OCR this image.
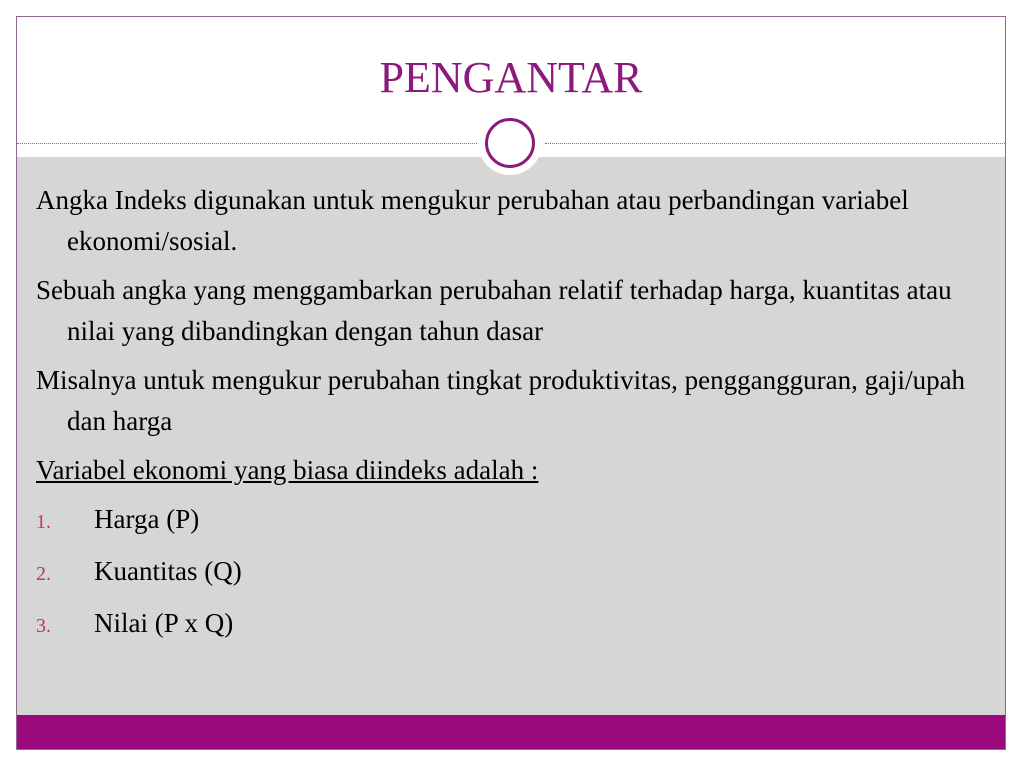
PENGANTAR

Angka Indeks digunakan untuk mengukur perubahan atau perbandingan variabel ekonomi/sosial.

Sebuah angka yang menggambarkan perubahan relatif terhadap harga, kuantitas atau nilai yang dibandingkan dengan tahun dasar

Misalnya untuk mengukur perubahan tingkat produktivitas, penggangguran, gaji/upah dan harga

Variabel ekonomi yang biasa diindeks adalah :

1.	Harga (P)
2.	Kuantitas (Q)
3.	Nilai (P x Q)
